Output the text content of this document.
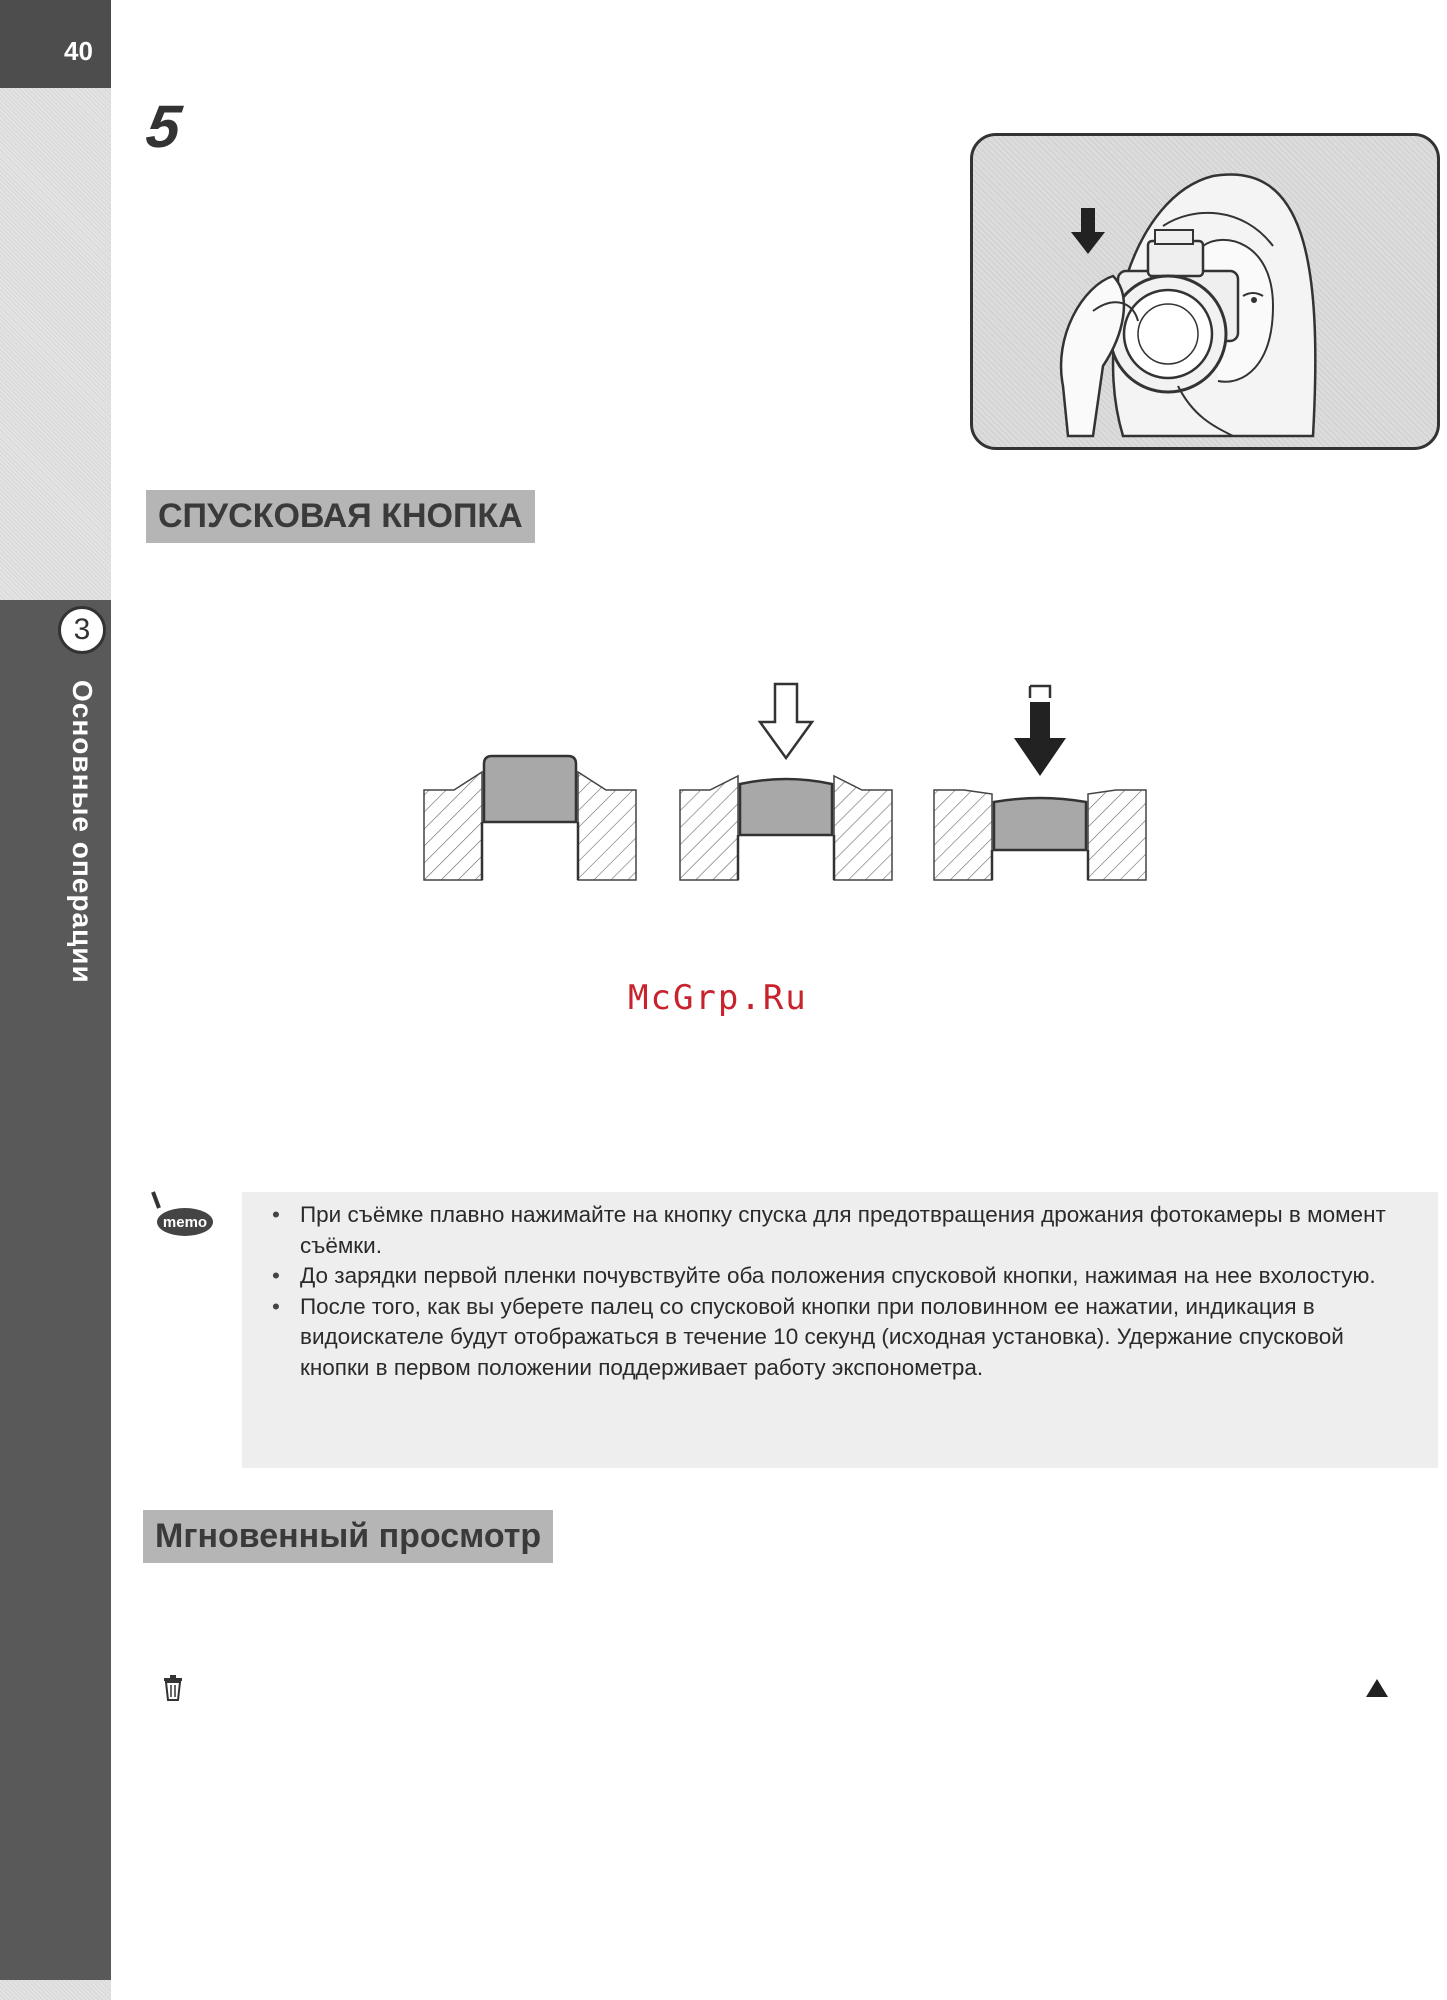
40
3
Основные операции
5
СПУСКОВАЯ КНОПКА
McGrp.Ru
memo
•	При съёмке плавно нажимайте на кнопку спуска для предотвращения дрожания фотокамеры в момент съёмки.
• До зарядки первой пленки почувствуйте оба положения спусковой кнопки, нажимая на нее вхолостую.
• После того, как вы уберете палец со спусковой кнопки при половинном ее нажатии, индикация в видоискателе будут отображаться в течение 10 секунд (исходная установка). Удержание спусковой кнопки в первом положении поддерживает работу экспонометра.
Мгновенный просмотр
